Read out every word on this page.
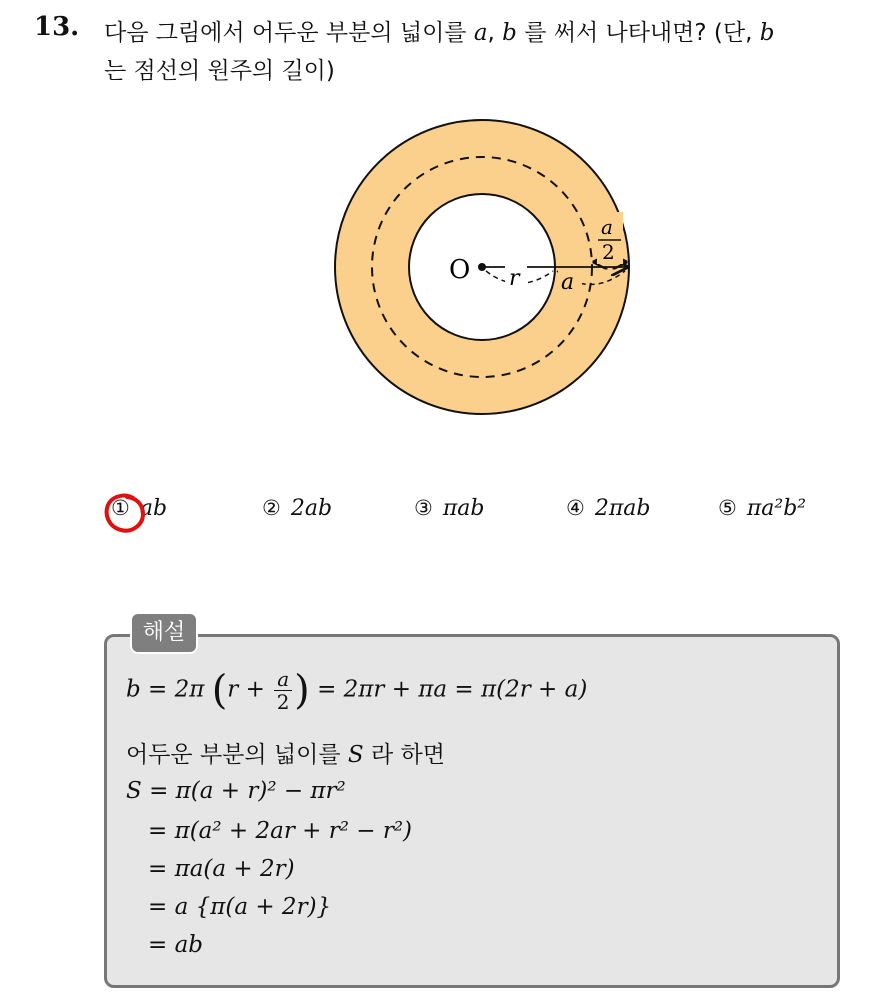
13. 다음 그림에서 어두운 부분의 넓이를 a, b 를 써서 나타내면? (단, b
는 점선의 원주의 길이)
O r a
a
2
① ab	② 2ab	③ πab	④ 2πab	⑤ πa²b²
해설
b = 2π ($r + \frac{a}{2}$ ) = 2πr + πa = π(2r + a)
어두운 부분의 넓이를 S 라 하면
S = π(a + r)² − πr²
= π(a² + 2ar + r² − r²)
= πa(a + 2r)
= a {π(a + 2r)}
= ab
